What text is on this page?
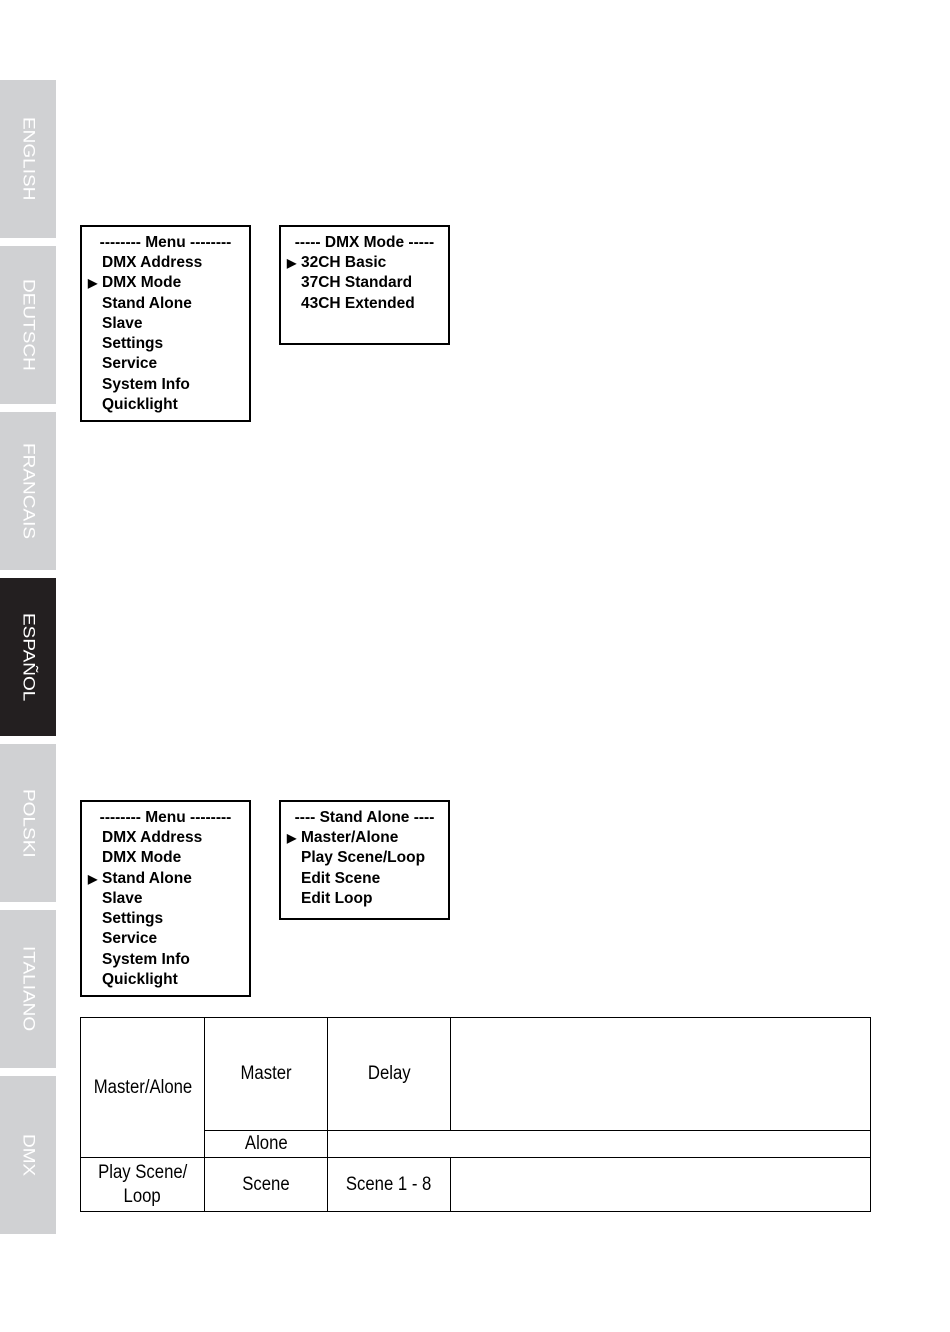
ENGLISH
DEUTSCH
FRANCAIS
ESPAÑOL
POLSKI
ITALIANO
DMX
-------- Menu --------
DMX Address
▶ DMX Mode
Stand Alone
Slave
Settings
Service
System Info
Quicklight
----- DMX Mode -----
▶ 32CH Basic
37CH Standard
43CH Extended
-------- Menu --------
DMX Address
DMX Mode
▶ Stand Alone
Slave
Settings
Service
System Info
Quicklight
---- Stand Alone ----
▶ Master/Alone
Play Scene/Loop
Edit Scene
Edit Loop
Master/Alone	Master	Delay	
	Alone		
Play Scene/
Loop	Scene	Scene 1 - 8	
